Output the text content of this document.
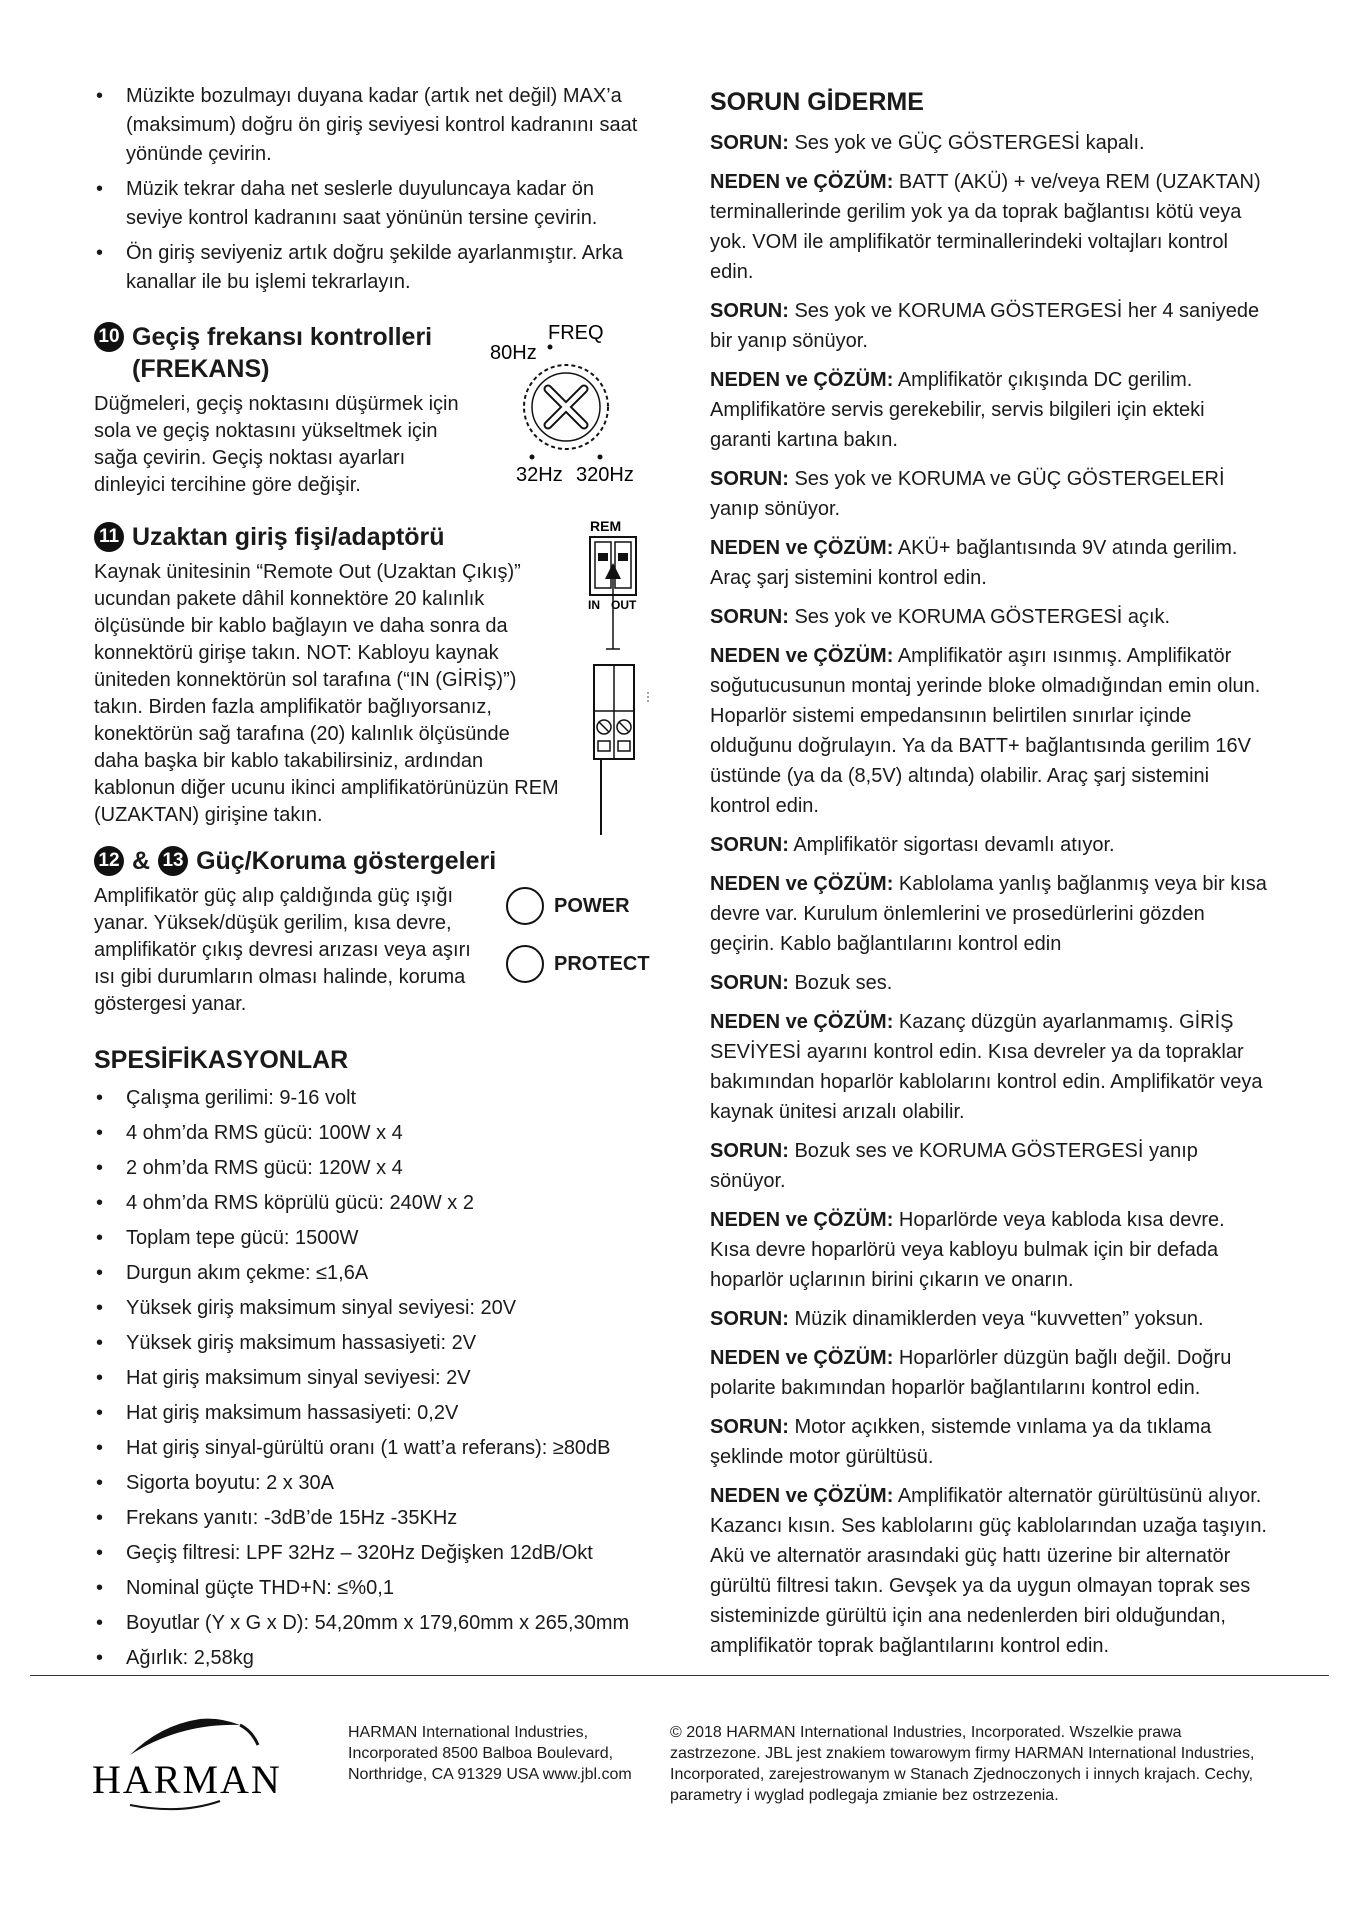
• Müzikte bozulmayı duyana kadar (artık net değil) MAX’a (maksimum) doğru ön giriş seviyesi kontrol kadranını saat yönünde çevirin.
• Müzik tekrar daha net seslerle duyuluncaya kadar ön seviye kontrol kadranını saat yönünün tersine çevirin.
• Ön giriş seviyeniz artık doğru şekilde ayarlanmıştır. Arka kanallar ile bu işlemi tekrarlayın.
10 Geçiş frekansı kontrolleri
(FREKANS)

Düğmeleri, geçiş noktasını düşürmek için sola ve geçiş noktasını yükseltmek için sağa çevirin. Geçiş noktası ayarları dinleyici tercihine göre değişir.

FREQ
80Hz
32Hz 320Hz
11 Uzaktan giriş fişi/adaptörü

Kaynak ünitesinin “Remote Out (Uzaktan Çıkış)” ucundan pakete dâhil konnektöre 20 kalınlık ölçüsünde bir kablo bağlayın ve daha sonra da konnektörü girişe takın. NOT: Kabloyu kaynak üniteden konnektörün sol tarafına (“IN (GİRİŞ)”) takın. Birden fazla amplifikatör bağlıyorsanız, konektörün sağ tarafına (20) kalınlık ölçüsünde daha başka bir kablo takabilirsiniz, ardından kablonun diğer ucunu ikinci amplifikatörünüzün REM (UZAKTAN) girişine takın.

REM
IN OUT
12 & 13 Güç/Koruma göstergeleri

Amplifikatör güç alıp çaldığında güç ışığı yanar. Yüksek/düşük gerilim, kısa devre, amplifikatör çıkış devresi arızası veya aşırı ısı gibi durumların olması halinde, koruma göstergesi yanar.

POWER
PROTECT
SPESİFİKASYONLAR
• Çalışma gerilimi: 9-16 volt
• 4 ohm’da RMS gücü: 100W x 4
• 2 ohm’da RMS gücü: 120W x 4
• 4 ohm’da RMS köprülü gücü: 240W x 2
• Toplam tepe gücü: 1500W
• Durgun akım çekme: ≤1,6A
• Yüksek giriş maksimum sinyal seviyesi: 20V
• Yüksek giriş maksimum hassasiyeti: 2V
• Hat giriş maksimum sinyal seviyesi: 2V
• Hat giriş maksimum hassasiyeti: 0,2V
• Hat giriş sinyal-gürültü oranı (1 watt’a referans): ≥80dB
• Sigorta boyutu: 2 x 30A
• Frekans yanıtı: -3dB’de 15Hz -35KHz
• Geçiş filtresi: LPF 32Hz – 320Hz Değişken 12dB/Okt
• Nominal güçte THD+N: ≤%0,1
• Boyutlar (Y x G x D): 54,20mm x 179,60mm x 265,30mm
• Ağırlık: 2,58kg
SORUN GİDERME

SORUN: Ses yok ve GÜÇ GÖSTERGESİ kapalı.

NEDEN ve ÇÖZÜM: BATT (AKÜ) + ve/veya REM (UZAKTAN) terminallerinde gerilim yok ya da toprak bağlantısı kötü veya yok. VOM ile amplifikatör terminallerindeki voltajları kontrol edin.

SORUN: Ses yok ve KORUMA GÖSTERGESİ her 4 saniyede bir yanıp sönüyor.

NEDEN ve ÇÖZÜM: Amplifikatör çıkışında DC gerilim. Amplifikatöre servis gerekebilir, servis bilgileri için ekteki garanti kartına bakın.

SORUN: Ses yok ve KORUMA ve GÜÇ GÖSTERGELERİ yanıp sönüyor.

NEDEN ve ÇÖZÜM: AKÜ+ bağlantısında 9V atında gerilim. Araç şarj sistemini kontrol edin.

SORUN: Ses yok ve KORUMA GÖSTERGESİ açık.

NEDEN ve ÇÖZÜM: Amplifikatör aşırı ısınmış. Amplifikatör soğutucusunun montaj yerinde bloke olmadığından emin olun. Hoparlör sistemi empedansının belirtilen sınırlar içinde olduğunu doğrulayın. Ya da BATT+ bağlantısında gerilim 16V üstünde (ya da (8,5V) altında) olabilir. Araç şarj sistemini kontrol edin.

SORUN: Amplifikatör sigortası devamlı atıyor.

NEDEN ve ÇÖZÜM: Kablolama yanlış bağlanmış veya bir kısa devre var. Kurulum önlemlerini ve prosedürlerini gözden geçirin. Kablo bağlantılarını kontrol edin

SORUN: Bozuk ses.

NEDEN ve ÇÖZÜM: Kazanç düzgün ayarlanmamış. GİRİŞ SEVİYESİ ayarını kontrol edin. Kısa devreler ya da topraklar bakımından hoparlör kablolarını kontrol edin. Amplifikatör veya kaynak ünitesi arızalı olabilir.

SORUN: Bozuk ses ve KORUMA GÖSTERGESİ yanıp sönüyor.

NEDEN ve ÇÖZÜM: Hoparlörde veya kabloda kısa devre. Kısa devre hoparlörü veya kabloyu bulmak için bir defada hoparlör uçlarının birini çıkarın ve onarın.

SORUN: Müzik dinamiklerden veya “kuvvetten” yoksun.

NEDEN ve ÇÖZÜM: Hoparlörler düzgün bağlı değil. Doğru polarite bakımından hoparlör bağlantılarını kontrol edin.

SORUN: Motor açıkken, sistemde vınlama ya da tıklama şeklinde motor gürültüsü.

NEDEN ve ÇÖZÜM: Amplifikatör alternatör gürültüsünü alıyor. Kazancı kısın. Ses kablolarını güç kablolarından uzağa taşıyın. Akü ve alternatör arasındaki güç hattı üzerine bir alternatör gürültü filtresi takın. Gevşek ya da uygun olmayan toprak ses sisteminizde gürültü için ana nedenlerden biri olduğundan, amplifikatör toprak bağlantılarını kontrol edin.

HARMAN
HARMAN International Industries, Incorporated 8500 Balboa Boulevard, Northridge, CA 91329 USA www.jbl.com
© 2018 HARMAN International Industries, Incorporated. Wszelkie prawa zastrzezone. JBL jest znakiem towarowym firmy HARMAN International Industries, Incorporated, zarejestrowanym w Stanach Zjednoczonych i innych krajach. Cechy, parametry i wyglad podlegaja zmianie bez ostrzezenia.
